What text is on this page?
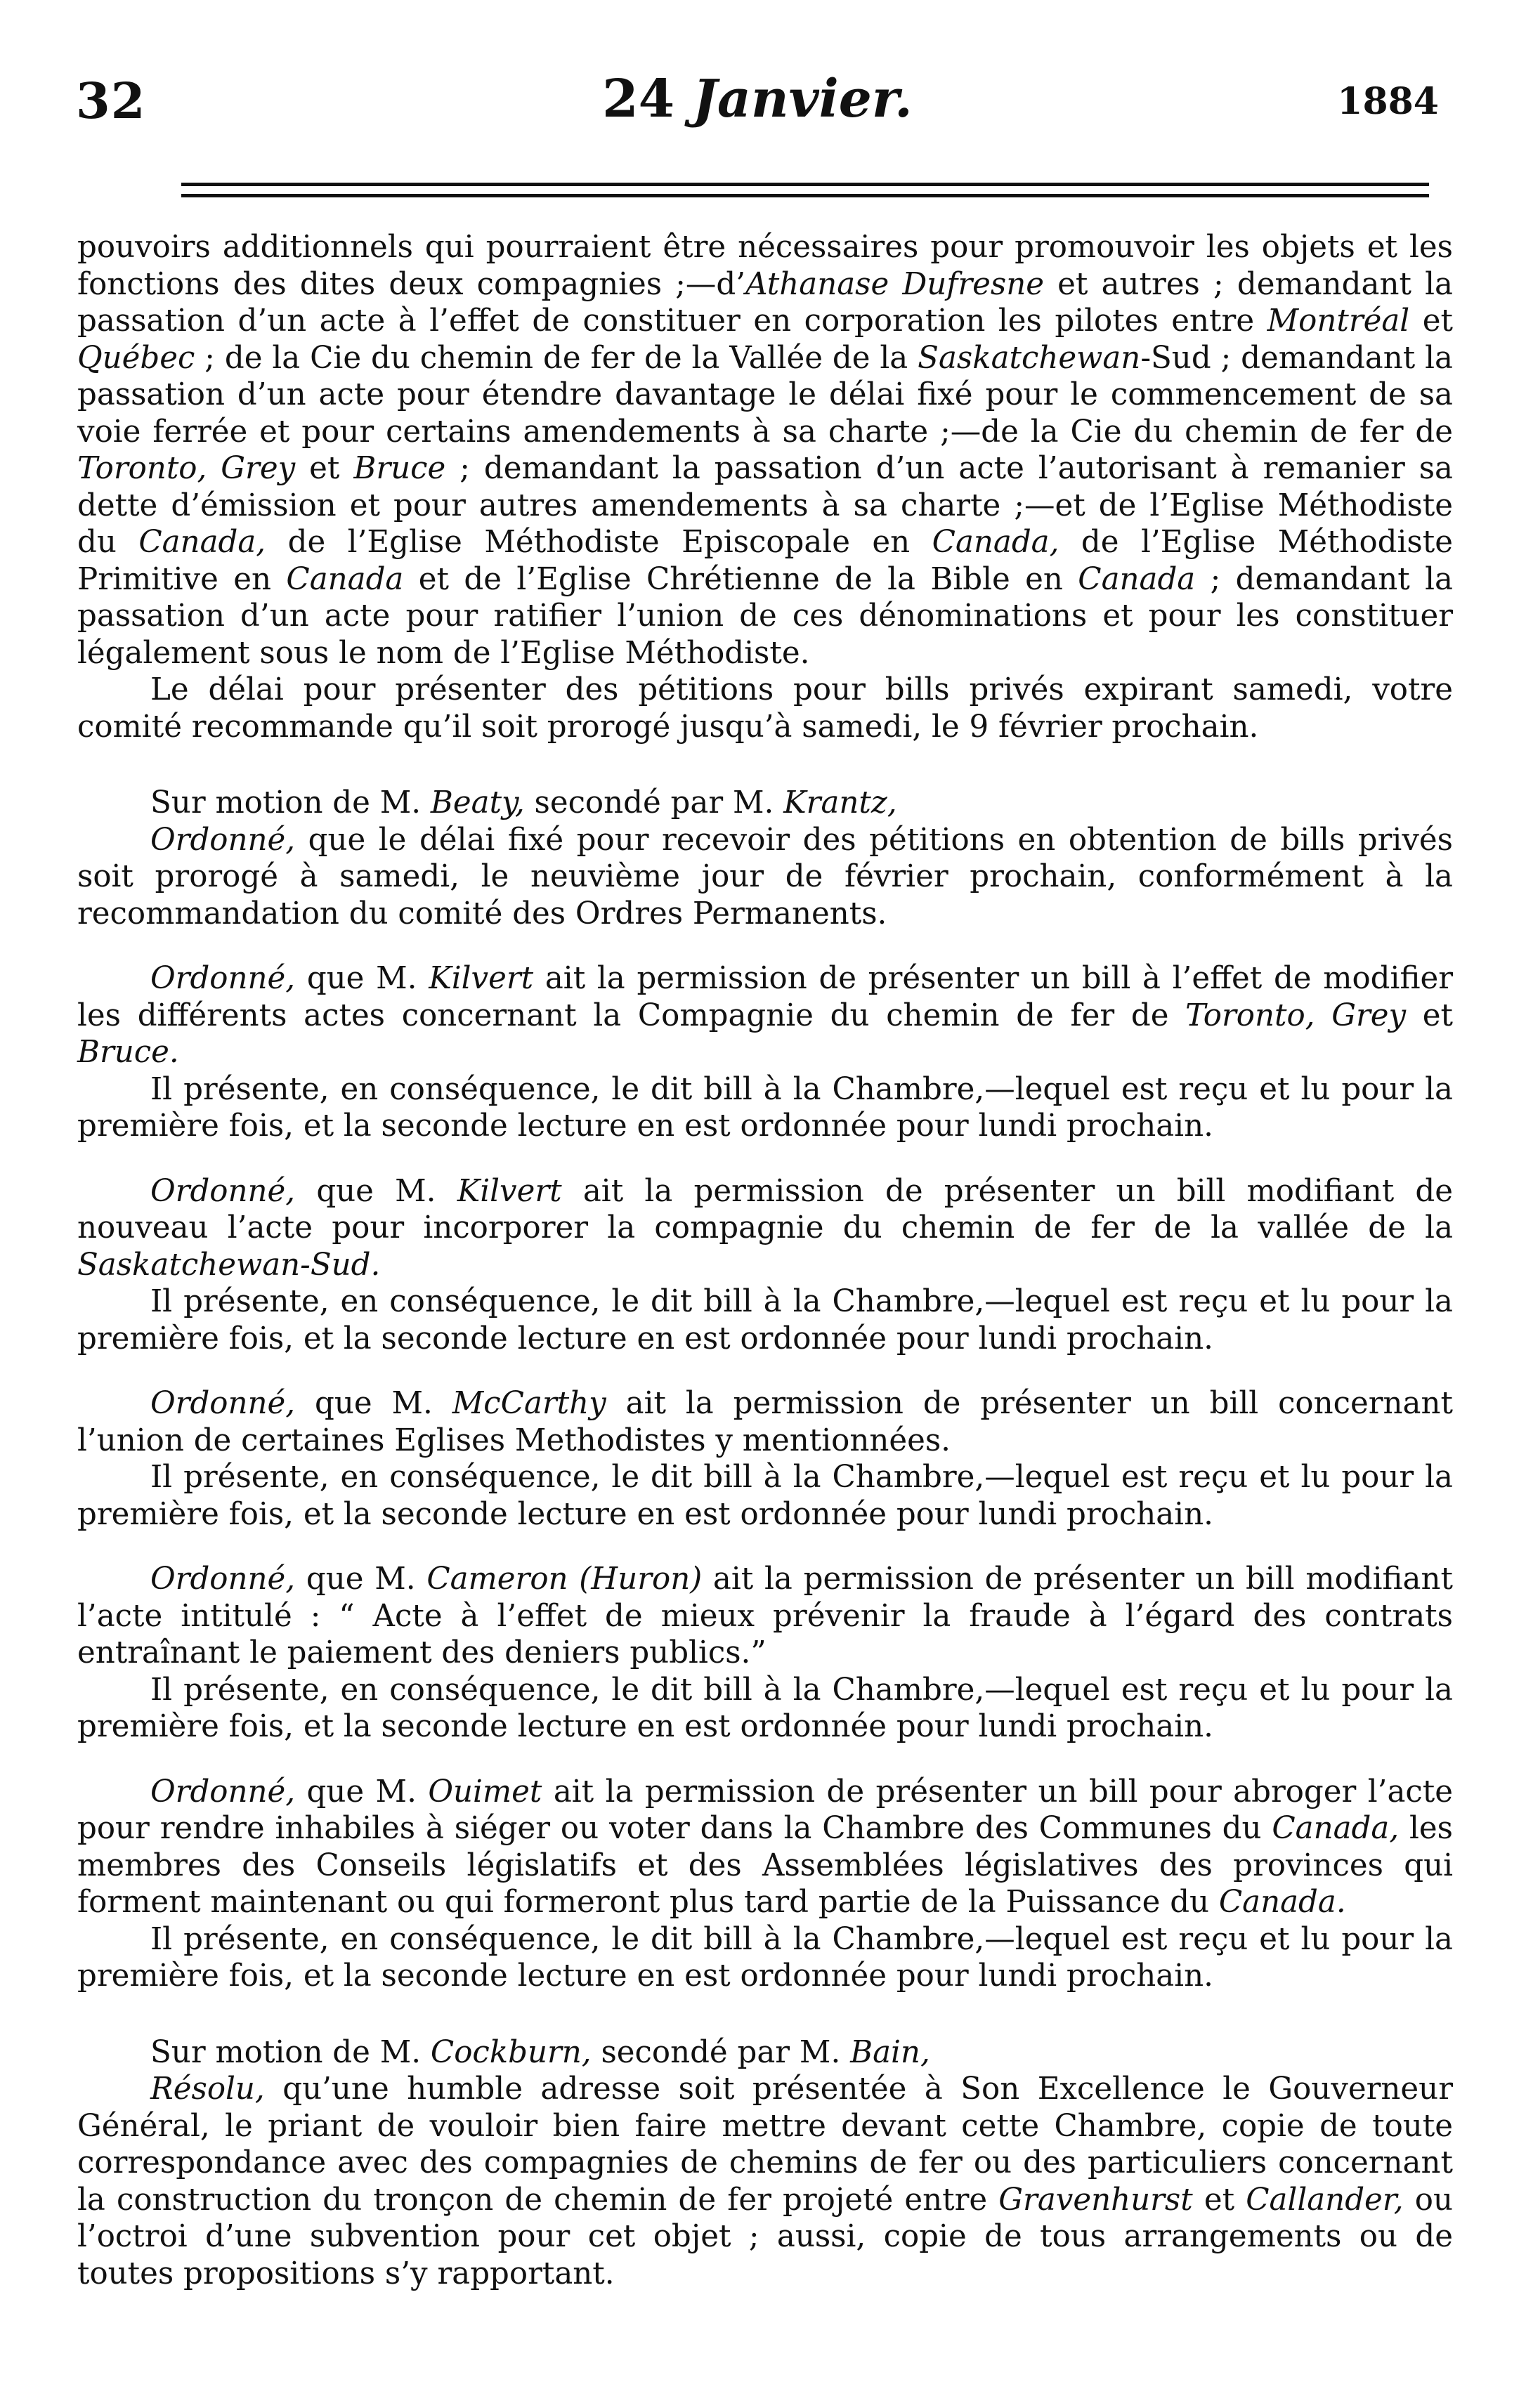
32	24 Janvier.	1884

pouvoirs additionnels qui pourraient être nécessaires pour promouvoir les objets et les fonctions des dites deux compagnies ;—d’Athanase Dufresne et autres ; demandant la passation d’un acte à l’effet de constituer en corporation les pilotes entre Montréal et Québec ; de la Cie du chemin de fer de la Vallée de la Saskatchewan-Sud ; demandant la passation d’un acte pour étendre davantage le délai fixé pour le commencement de sa voie ferrée et pour certains amendements à sa charte ;—de la Cie du chemin de fer de Toronto, Grey et Bruce ; demandant la passation d’un acte l’autorisant à remanier sa dette d’émission et pour autres amendements à sa charte ;—et de l’Eglise Méthodiste du Canada, de l’Eglise Méthodiste Episcopale en Canada, de l’Eglise Méthodiste Primitive en Canada et de l’Eglise Chrétienne de la Bible en Canada ; demandant la passation d’un acte pour ratifier l’union de ces dénominations et pour les constituer légalement sous le nom de l’Eglise Méthodiste.

Le délai pour présenter des pétitions pour bills privés expirant samedi, votre comité recommande qu’il soit prorogé jusqu’à samedi, le 9 février prochain.

Sur motion de M. Beaty, secondé par M. Krantz,

Ordonné, que le délai fixé pour recevoir des pétitions en obtention de bills privés soit prorogé à samedi, le neuvième jour de février prochain, conformément à la recommandation du comité des Ordres Permanents.

Ordonné, que M. Kilvert ait la permission de présenter un bill à l’effet de modifier les différents actes concernant la Compagnie du chemin de fer de Toronto, Grey et Bruce.

Il présente, en conséquence, le dit bill à la Chambre,—lequel est reçu et lu pour la première fois, et la seconde lecture en est ordonnée pour lundi prochain.

Ordonné, que M. Kilvert ait la permission de présenter un bill modifiant de nouveau l’acte pour incorporer la compagnie du chemin de fer de la vallée de la Saskatchewan-Sud.

Il présente, en conséquence, le dit bill à la Chambre,—lequel est reçu et lu pour la première fois, et la seconde lecture en est ordonnée pour lundi prochain.

Ordonné, que M. McCarthy ait la permission de présenter un bill concernant l’union de certaines Eglises Methodistes y mentionnées.

Il présente, en conséquence, le dit bill à la Chambre,—lequel est reçu et lu pour la première fois, et la seconde lecture en est ordonnée pour lundi prochain.

Ordonné, que M. Cameron (Huron) ait la permission de présenter un bill modifiant l’acte intitulé : “ Acte à l’effet de mieux prévenir la fraude à l’égard des contrats entraînant le paiement des deniers publics.”

Il présente, en conséquence, le dit bill à la Chambre,—lequel est reçu et lu pour la première fois, et la seconde lecture en est ordonnée pour lundi prochain.

Ordonné, que M. Ouimet ait la permission de présenter un bill pour abroger l’acte pour rendre inhabiles à siéger ou voter dans la Chambre des Communes du Canada, les membres des Conseils législatifs et des Assemblées législatives des provinces qui forment maintenant ou qui formeront plus tard partie de la Puissance du Canada.

Il présente, en conséquence, le dit bill à la Chambre,—lequel est reçu et lu pour la première fois, et la seconde lecture en est ordonnée pour lundi prochain.

Sur motion de M. Cockburn, secondé par M. Bain,

Résolu, qu’une humble adresse soit présentée à Son Excellence le Gouverneur Général, le priant de vouloir bien faire mettre devant cette Chambre, copie de toute correspondance avec des compagnies de chemins de fer ou des particuliers concernant la construction du tronçon de chemin de fer projeté entre Gravenhurst et Callander, ou l’octroi d’une subvention pour cet objet ; aussi, copie de tous arrangements ou de toutes propositions s’y rapportant.
